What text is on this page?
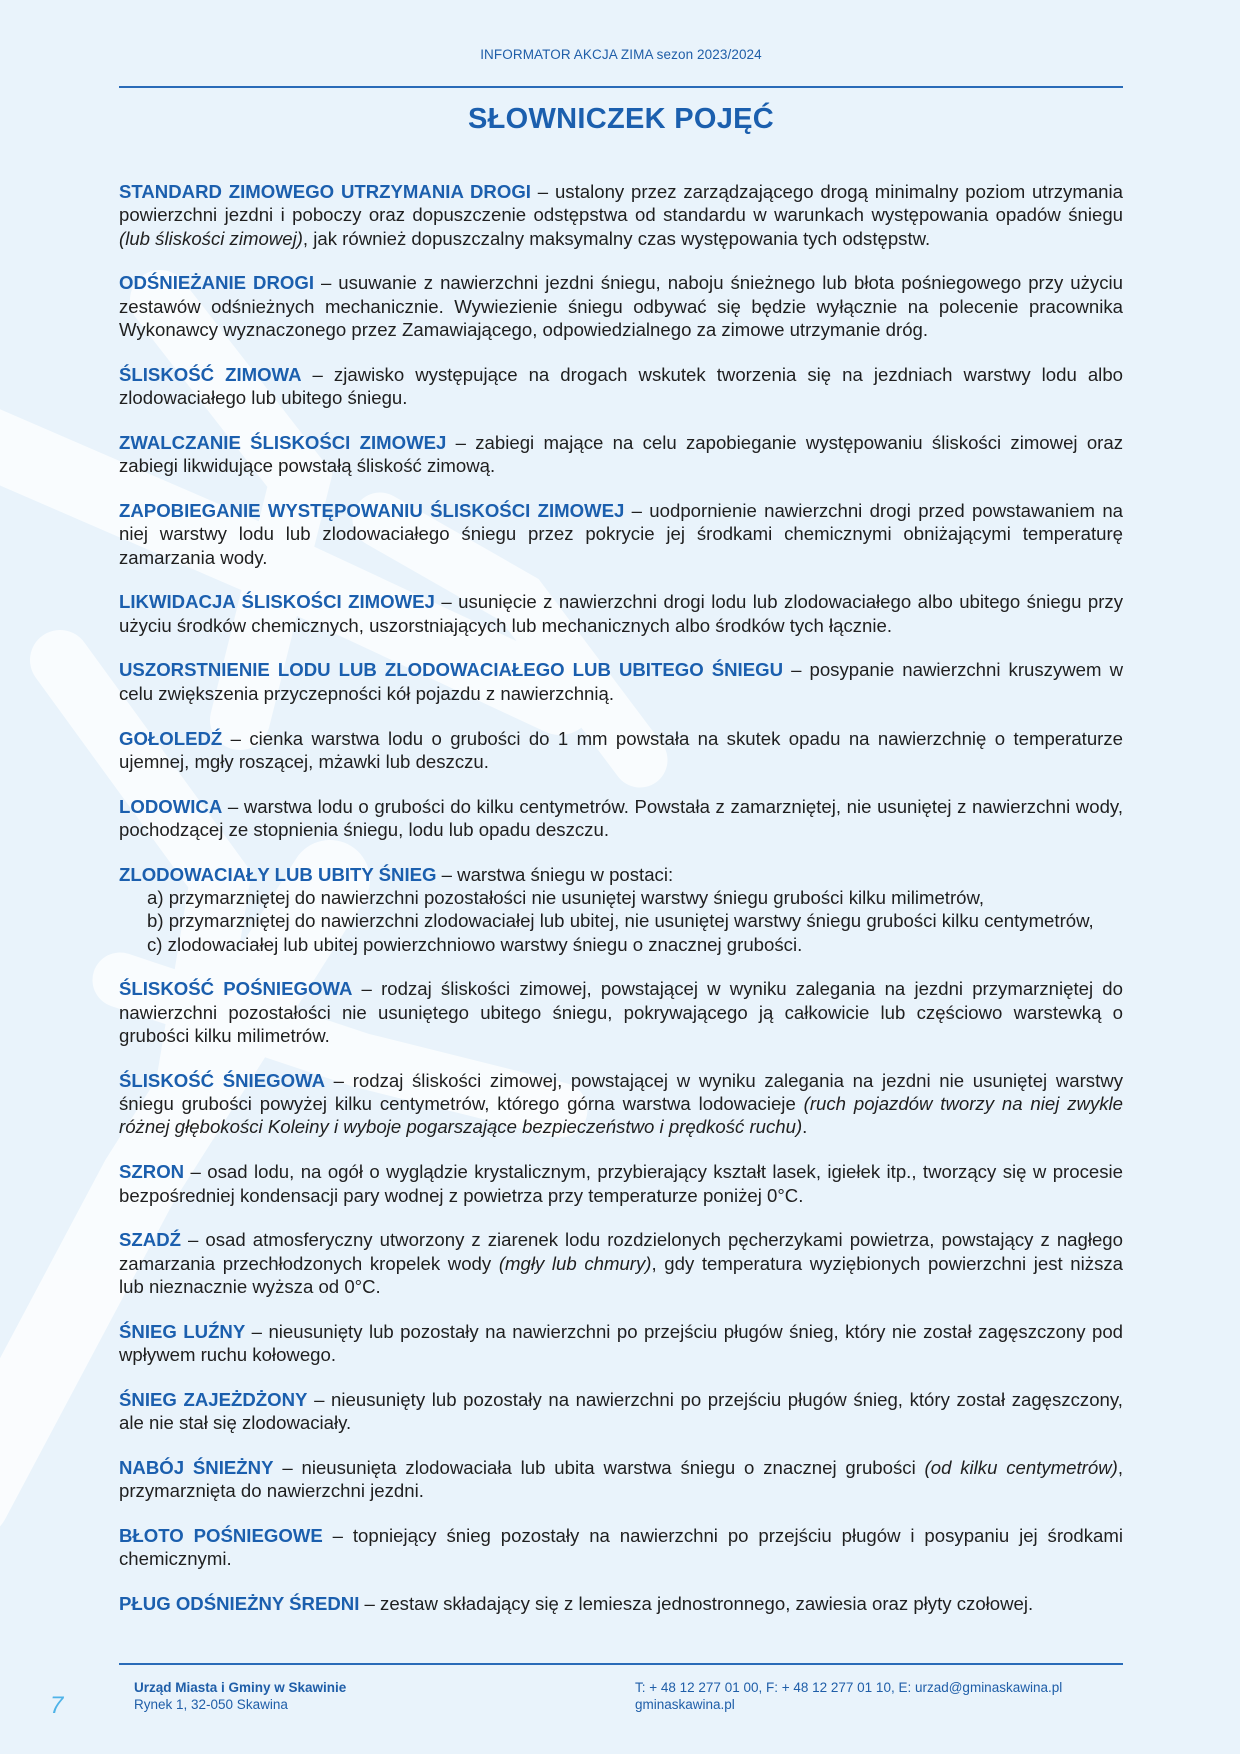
INFORMATOR AKCJA ZIMA sezon 2023/2024
SŁOWNICZEK POJĘĆ

STANDARD ZIMOWEGO UTRZYMANIA DROGI – ustalony przez zarządzającego drogą minimalny poziom utrzymania powierzchni jezdni i poboczy oraz dopuszczenie odstępstwa od standardu w warunkach występowania opadów śniegu (lub śliskości zimowej), jak również dopuszczalny maksymalny czas występowania tych odstępstw.

ODŚNIEŻANIE DROGI – usuwanie z nawierzchni jezdni śniegu, naboju śnieżnego lub błota pośniegowego przy użyciu zestawów odśnieżnych mechanicznie. Wywiezienie śniegu odbywać się będzie wyłącznie na polecenie pracownika Wykonawcy wyznaczonego przez Zamawiającego, odpowiedzialnego za zimowe utrzymanie dróg.

ŚLISKOŚĆ ZIMOWA – zjawisko występujące na drogach wskutek tworzenia się na jezdniach warstwy lodu albo zlodowaciałego lub ubitego śniegu.

ZWALCZANIE ŚLISKOŚCI ZIMOWEJ – zabiegi mające na celu zapobieganie występowaniu śliskości zimowej oraz zabiegi likwidujące powstałą śliskość zimową.

ZAPOBIEGANIE WYSTĘPOWANIU ŚLISKOŚCI ZIMOWEJ – uodpornienie nawierzchni drogi przed powstawaniem na niej warstwy lodu lub zlodowaciałego śniegu przez pokrycie jej środkami chemicznymi obniżającymi temperaturę zamarzania wody.

LIKWIDACJA ŚLISKOŚCI ZIMOWEJ – usunięcie z nawierzchni drogi lodu lub zlodowaciałego albo ubitego śniegu przy użyciu środków chemicznych, uszorstniających lub mechanicznych albo środków tych łącznie.

USZORSTNIENIE LODU LUB ZLODOWACIAŁEGO LUB UBITEGO ŚNIEGU – posypanie nawierzchni kruszywem w celu zwiększenia przyczepności kół pojazdu z nawierzchnią.

GOŁOLEDŹ – cienka warstwa lodu o grubości do 1 mm powstała na skutek opadu na nawierzchnię o temperaturze ujemnej, mgły roszącej, mżawki lub deszczu.

LODOWICA – warstwa lodu o grubości do kilku centymetrów. Powstała z zamarzniętej, nie usuniętej z nawierzchni wody, pochodzącej ze stopnienia śniegu, lodu lub opadu deszczu.

ZLODOWACIAŁY LUB UBITY ŚNIEG – warstwa śniegu w postaci:
a) przymarzniętej do nawierzchni pozostałości nie usuniętej warstwy śniegu grubości kilku milimetrów,
b) przymarzniętej do nawierzchni zlodowaciałej lub ubitej, nie usuniętej warstwy śniegu grubości kilku centymetrów,
c) zlodowaciałej lub ubitej powierzchniowo warstwy śniegu o znacznej grubości.

ŚLISKOŚĆ POŚNIEGOWA – rodzaj śliskości zimowej, powstającej w wyniku zalegania na jezdni przymarzniętej do nawierzchni pozostałości nie usuniętego ubitego śniegu, pokrywającego ją całkowicie lub częściowo warstewką o grubości kilku milimetrów.

ŚLISKOŚĆ ŚNIEGOWA – rodzaj śliskości zimowej, powstającej w wyniku zalegania na jezdni nie usuniętej warstwy śniegu grubości powyżej kilku centymetrów, którego górna warstwa lodowacieje (ruch pojazdów tworzy na niej zwykle różnej głębokości Koleiny i wyboje pogarszające bezpieczeństwo i prędkość ruchu).

SZRON – osad lodu, na ogół o wyglądzie krystalicznym, przybierający kształt lasek, igiełek itp., tworzący się w procesie bezpośredniej kondensacji pary wodnej z powietrza przy temperaturze poniżej 0°C.

SZADŹ – osad atmosferyczny utworzony z ziarenek lodu rozdzielonych pęcherzykami powietrza, powstający z nagłego zamarzania przechłodzonych kropelek wody (mgły lub chmury), gdy temperatura wyziębionych powierzchni jest niższa lub nieznacznie wyższa od 0°C.

ŚNIEG LUŹNY – nieusunięty lub pozostały na nawierzchni po przejściu pługów śnieg, który nie został zagęszczony pod wpływem ruchu kołowego.

ŚNIEG ZAJEŻDŻONY – nieusunięty lub pozostały na nawierzchni po przejściu pługów śnieg, który został zagęszczony, ale nie stał się zlodowaciały.

NABÓJ ŚNIEŻNY – nieusunięta zlodowaciała lub ubita warstwa śniegu o znacznej grubości (od kilku centymetrów), przymarznięta do nawierzchni jezdni.

BŁOTO POŚNIEGOWE – topniejący śnieg pozostały na nawierzchni po przejściu pługów i posypaniu jej środkami chemicznymi.

PŁUG ODŚNIEŻNY ŚREDNI – zestaw składający się z lemiesza jednostronnego, zawiesia oraz płyty czołowej.

7
Urząd Miasta i Gminy w Skawinie
Rynek 1, 32-050 Skawina
T: + 48 12 277 01 00, F: + 48 12 277 01 10, E: urzad@gminaskawina.pl
gminaskawina.pl
